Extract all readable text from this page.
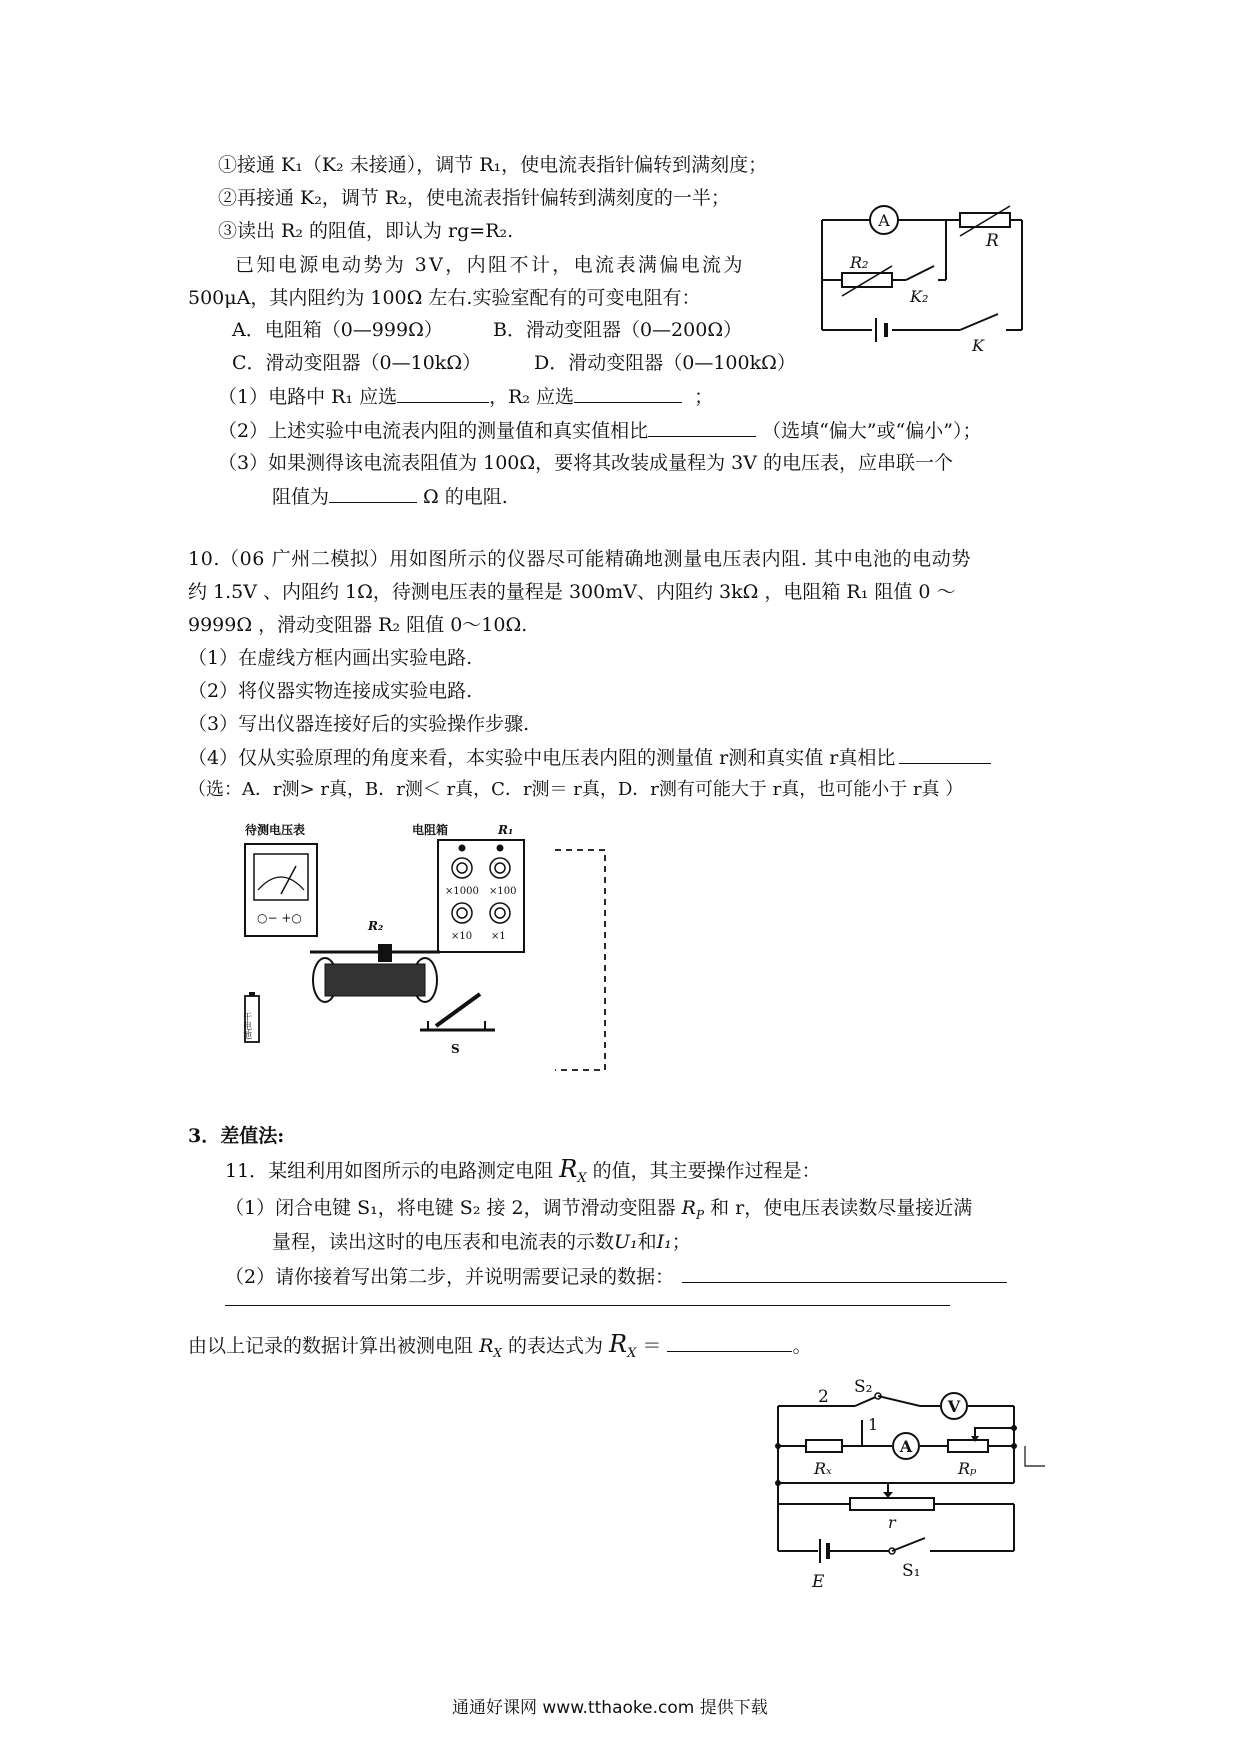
①接通 K₁（K₂ 未接通），调节 R₁，使电流表指针偏转到满刻度；
②再接通 K₂，调节 R₂，使电流表指针偏转到满刻度的一半；
③读出 R₂ 的阻值，即认为 rg=R₂.
已知电源电动势为 3V，内阻不计，电流表满偏电流为
500μA，其内阻约为 100Ω 左右.实验室配有的可变电阻有：
A．电阻箱（0—999Ω）	B．滑动变阻器（0—200Ω）
C．滑动变阻器（0—10kΩ）	D．滑动变阻器（0—100kΩ）
（1）电路中 R₁ 应选	，R₂ 应选	；
（2）上述实验中电流表内阻的测量值和真实值相比	（选填“偏大”或“偏小”）；
（3）如果测得该电流表阻值为 100Ω，要将其改装成量程为 3V 的电压表，应串联一个
阻值为	Ω 的电阻.
A
R
R₂
K₂
K
10.（06 广州二模拟）用如图所示的仪器尽可能精确地测量电压表内阻. 其中电池的电动势
约 1.5V 、内阻约 1Ω，待测电压表的量程是 300mV、内阻约 3kΩ ，电阻箱 R₁ 阻值 0 ～
9999Ω ，滑动变阻器 R₂ 阻值 0～10Ω.
（1）在虚线方框内画出实验电路.
（2）将仪器实物连接成实验电路.
（3）写出仪器连接好后的实验操作步骤.
（4）仅从实验原理的角度来看，本实验中电压表内阻的测量值 r测和真实值 r真相比
（选：A．r测> r真，B．r测＜ r真，C．r测＝ r真，D．r测有可能大于 r真，也可能小于 r真 ）
待测电压表
○− +○
电阻箱	R₁
×1000 ×100
×10 ×1
R₂
干电池
S
3．差值法:
11．某组利用如图所示的电路测定电阻 $R_X$ 的值，其主要操作过程是：
（1）闭合电键 S₁，将电键 S₂ 接 2，调节滑动变阻器 $R_P$ 和 r，使电压表读数尽量接近满
量程，读出这时的电压表和电流表的示数U₁和I₁；
（2）请你接着写出第二步，并说明需要记录的数据：
由以上记录的数据计算出被测电阻 $R_X$ 的表达式为 $R_X$ ＝	。
2 S₂
1
V
Rₓ
A
Rₚ
r
E
S₁
通通好课网 www.tthaoke.com 提供下载
